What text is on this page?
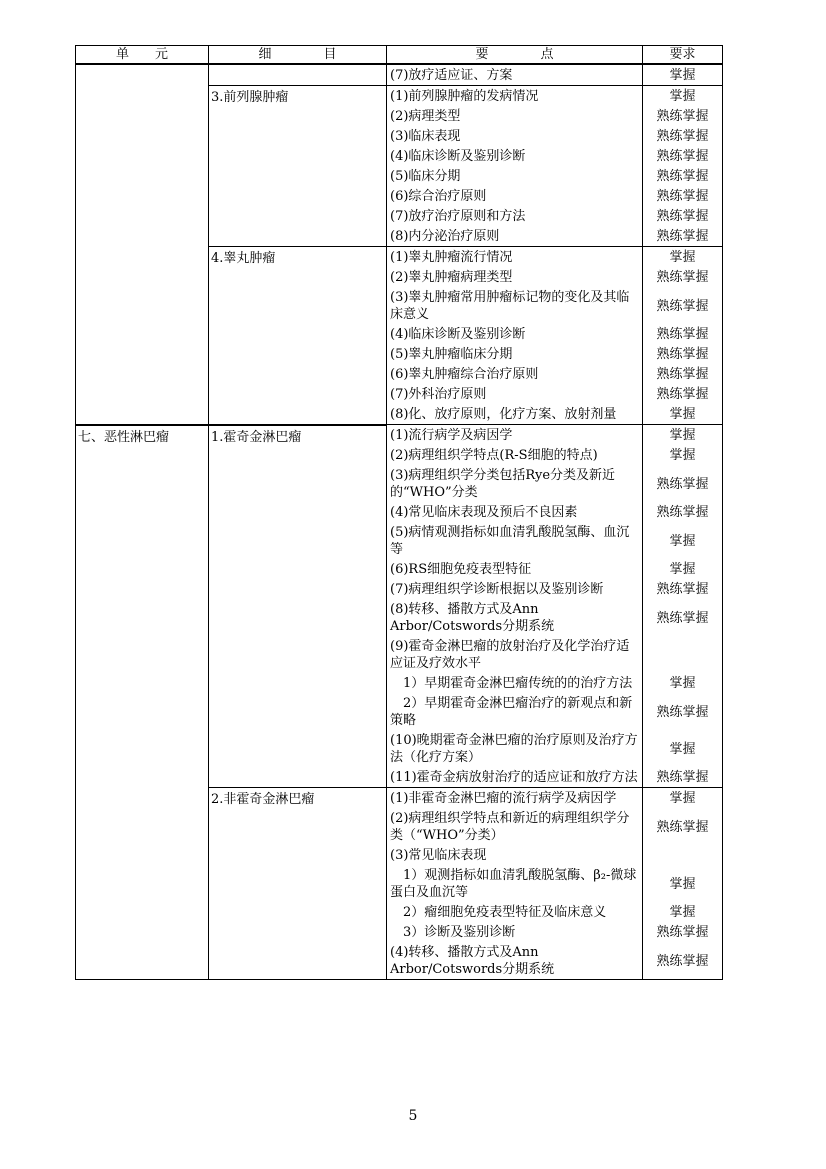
单　　元	细　　　　目	要　　　　点	要求
		(7)放疗适应证、方案	掌握
	3.前列腺肿瘤	(1)前列腺肿瘤的发病情况	掌握
		(2)病理类型	熟练掌握
		(3)临床表现	熟练掌握
		(4)临床诊断及鉴别诊断	熟练掌握
		(5)临床分期	熟练掌握
		(6)综合治疗原则	熟练掌握
		(7)放疗治疗原则和方法	熟练掌握
		(8)内分泌治疗原则	熟练掌握
	4.睾丸肿瘤	(1)睾丸肿瘤流行情况	掌握
		(2)睾丸肿瘤病理类型	熟练掌握
		(3)睾丸肿瘤常用肿瘤标记物的变化及其临床意义	熟练掌握
		(4)临床诊断及鉴别诊断	熟练掌握
		(5)睾丸肿瘤临床分期	熟练掌握
		(6)睾丸肿瘤综合治疗原则	熟练掌握
		(7)外科治疗原则	熟练掌握
		(8)化、放疗原则，化疗方案、放射剂量	掌握
七、恶性淋巴瘤	1.霍奇金淋巴瘤	(1)流行病学及病因学	掌握
		(2)病理组织学特点(R-S细胞的特点)	掌握
		(3)病理组织学分类包括Rye分类及新近的“WHO”分类	熟练掌握
		(4)常见临床表现及预后不良因素	熟练掌握
		(5)病情观测指标如血清乳酸脱氢酶、血沉等	掌握
		(6)RS细胞免疫表型特征	掌握
		(7)病理组织学诊断根据以及鉴别诊断	熟练掌握
		(8)转移、播散方式及Ann Arbor/Cotswords分期系统	熟练掌握
		(9)霍奇金淋巴瘤的放射治疗及化学治疗适应证及疗效水平	
		　1）早期霍奇金淋巴瘤传统的的治疗方法	掌握
		　2）早期霍奇金淋巴瘤治疗的新观点和新策略	熟练掌握
		(10)晚期霍奇金淋巴瘤的治疗原则及治疗方法（化疗方案）	掌握
		(11)霍奇金病放射治疗的适应证和放疗方法	熟练掌握
	2.非霍奇金淋巴瘤	(1)非霍奇金淋巴瘤的流行病学及病因学	掌握
		(2)病理组织学特点和新近的病理组织学分类（“WHO”分类）	熟练掌握
		(3)常见临床表现	
		　1）观测指标如血清乳酸脱氢酶、β₂-微球蛋白及血沉等	掌握
		　2）瘤细胞免疫表型特征及临床意义	掌握
		　3）诊断及鉴别诊断	熟练掌握
		(4)转移、播散方式及Ann Arbor/Cotswords分期系统	熟练掌握
5
